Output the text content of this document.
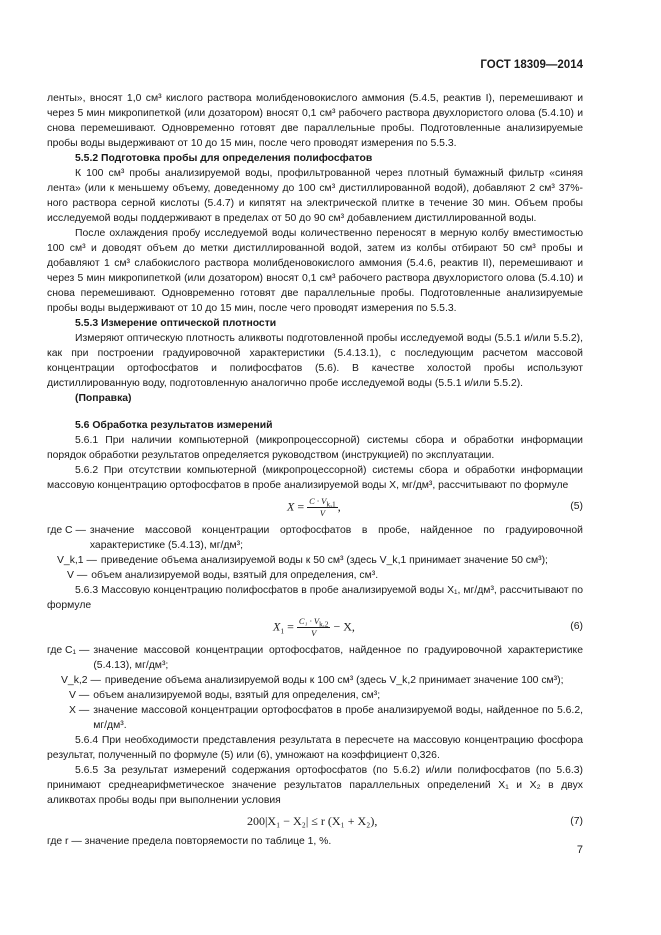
ГОСТ 18309—2014

ленты», вносят 1,0 см³ кислого раствора молибденовокислого аммония (5.4.5, реактив I), перемешивают и через 5 мин микропипеткой (или дозатором) вносят 0,1 см³ рабочего раствора двухлористого олова (5.4.10) и снова перемешивают. Одновременно готовят две параллельные пробы. Подготовленные анализируемые пробы воды выдерживают от 10 до 15 мин, после чего проводят измерения по 5.5.3.

5.5.2 Подготовка пробы для определения полифосфатов

К 100 см³ пробы анализируемой воды, профильтрованной через плотный бумажный фильтр «синяя лента» (или к меньшему объему, доведенному до 100 см³ дистиллированной водой), добавляют 2 см³ 37%-ного раствора серной кислоты (5.4.7) и кипятят на электрической плитке в течение 30 мин. Объем пробы исследуемой воды поддерживают в пределах от 50 до 90 см³ добавлением дистиллированной воды.

После охлаждения пробу исследуемой воды количественно переносят в мерную колбу вместимостью 100 см³ и доводят объем до метки дистиллированной водой, затем из колбы отбирают 50 см³ пробы и добавляют 1 см³ слабокислого раствора молибденовокислого аммония (5.4.6, реактив II), перемешивают и через 5 мин микропипеткой (или дозатором) вносят 0,1 см³ рабочего раствора двухлористого олова (5.4.10) и снова перемешивают. Одновременно готовят две параллельные пробы. Подготовленные анализируемые пробы воды выдерживают от 10 до 15 мин, после чего проводят измерения по 5.5.3.

5.5.3 Измерение оптической плотности

Измеряют оптическую плотность аликвоты подготовленной пробы исследуемой воды (5.5.1 и/или 5.5.2), как при построении градуировочной характеристики (5.4.13.1), с последующим расчетом массовой концентрации ортофосфатов и полифосфатов (5.6). В качестве холостой пробы используют дистиллированную воду, подготовленную аналогично пробе исследуемой воды (5.5.1 и/или 5.5.2).

(Поправка)

5.6 Обработка результатов измерений

5.6.1 При наличии компьютерной (микропроцессорной) системы сбора и обработки информации порядок обработки результатов определяется руководством (инструкцией) по эксплуатации.

5.6.2 При отсутствии компьютерной (микропроцессорной) системы сбора и обработки информации массовую концентрацию ортофосфатов в пробе анализируемой воды X, мг/дм³, рассчитывают по формуле

$X = \frac{C \cdot V_{k,1}}{V}$ ,	(5)
где C — значение массовой концентрации ортофосфатов в пробе, найденное по градуировочной характеристике (5.4.13), мг/дм³;
V_k,1 — приведение объема анализируемой воды к 50 см³ (здесь V_k,1 принимает значение 50 см³);
V — объем анализируемой воды, взятый для определения, см³.

5.6.3 Массовую концентрацию полифосфатов в пробе анализируемой воды X₁, мг/дм³, рассчитывают по формуле

$X_1 = \frac{C_1 \cdot V_{k,2}}{V} - X$,	(6)
где C₁ — значение массовой концентрации ортофосфатов, найденное по градуировочной характеристике (5.4.13), мг/дм³;
V_k,2 — приведение объема анализируемой воды к 100 см³ (здесь V_k,2 принимает значение 100 см³);
V — объем анализируемой воды, взятый для определения, см³;
X — значение массовой концентрации ортофосфатов в пробе анализируемой воды, найденное по 5.6.2, мг/дм³.

5.6.4 При необходимости представления результата в пересчете на массовую концентрацию фосфора результат, полученный по формуле (5) или (6), умножают на коэффициент 0,326.

5.6.5 За результат измерений содержания ортофосфатов (по 5.6.2) и/или полифосфатов (по 5.6.3) принимают среднеарифметическое значение результатов параллельных определений X₁ и X₂ в двух аликвотах пробы воды при выполнении условия

200|X₁ − X₂| ≤ r (X₁ + X₂),	(7)

где r — значение предела повторяемости по таблице 1, %.

7
